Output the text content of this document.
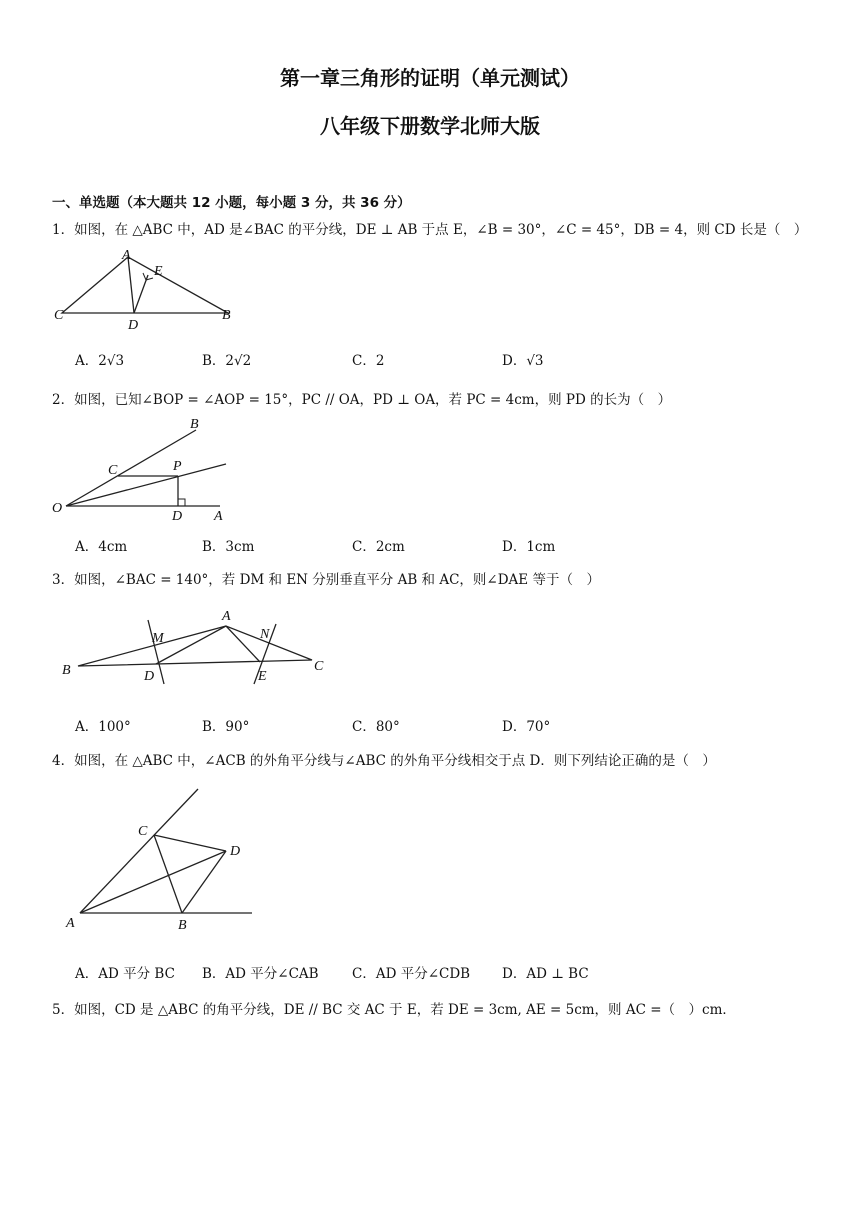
第一章三角形的证明（单元测试）
八年级下册数学北师大版
一、单选题（本大题共 12 小题，每小题 3 分，共 36 分）
1．如图，在 △ABC 中，AD 是∠BAC 的平分线，DE ⊥ AB 于点 E，∠B = 30°，∠C = 45°，DB = 4，则 CD 长是（　）
A
E
C
D
B
A．2√3	B．2√2	C．2	D．√3
2．如图，已知∠BOP = ∠AOP = 15°，PC // OA，PD ⊥ OA，若 PC = 4cm，则 PD 的长为（　）
B
C	P
O
D A
A．4cm	B．3cm	C．2cm	D．1cm
3．如图，∠BAC = 140°，若 DM 和 EN 分别垂直平分 AB 和 AC，则∠DAE 等于（　）
A
M	N
B	D	E
C
A．100°	B．90°	C．80°	D．70°
4．如图，在 △ABC 中，∠ACB 的外角平分线与∠ABC 的外角平分线相交于点 D．则下列结论正确的是（　）
C
D
A	B
A．AD 平分 BC B．AD 平分∠CAB C．AD 平分∠CDB D．AD ⊥ BC
5．如图，CD 是 △ABC 的角平分线，DE // BC 交 AC 于 E，若 DE = 3cm, AE = 5cm，则 AC =（　）cm．
